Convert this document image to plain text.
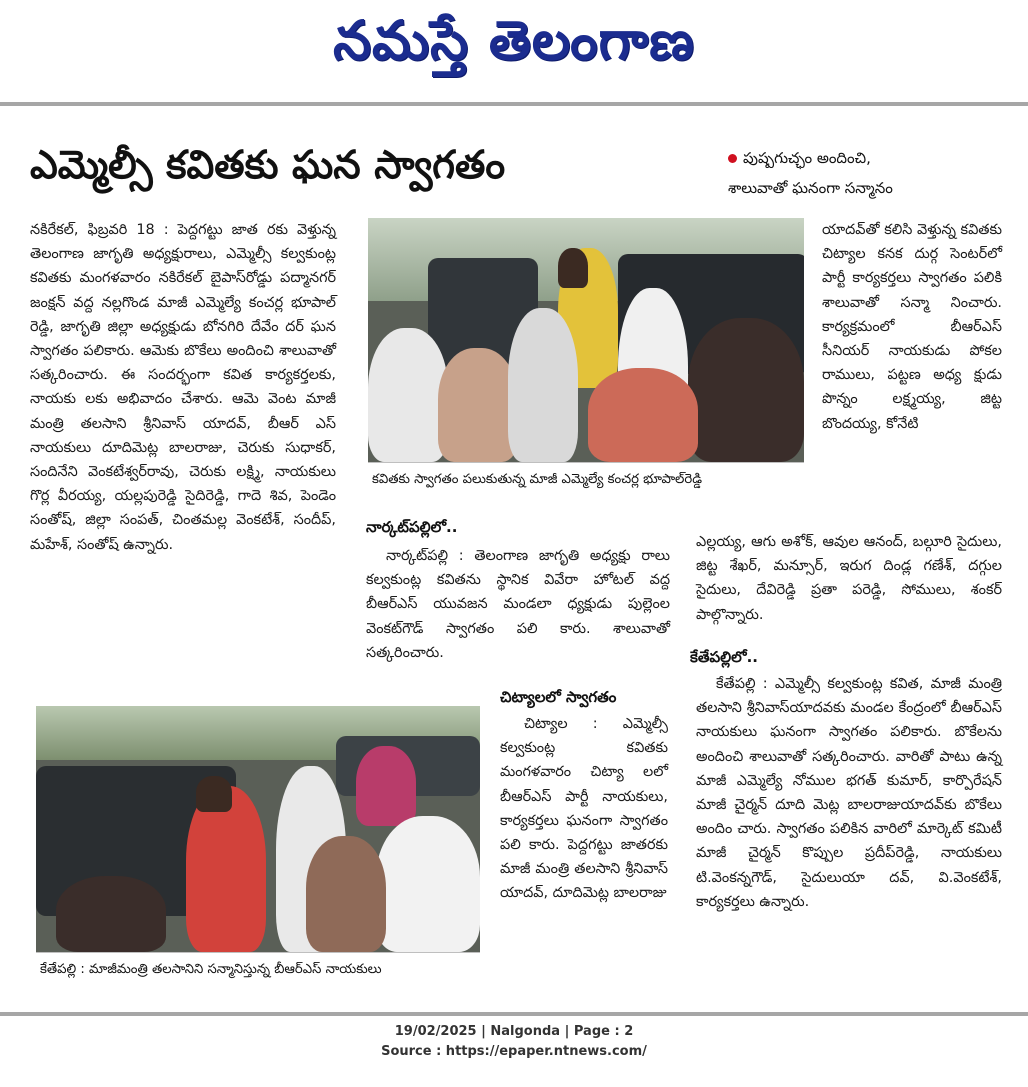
నమస్తే తెలంగాణ
ఎమ్మెల్సీ కవితకు ఘన స్వాగతం	పుష్పగుచ్ఛం అందించి,
శాలువాతో ఘనంగా సన్మానం

నకిరేకల్‌, ఫిబ్రవరి 18 : పెద్దగట్టు జాత రకు వెళ్తున్న తెలంగాణ జాగృతి అధ్యక్షురాలు, ఎమ్మెల్సీ కల్వకుంట్ల కవితకు మంగళవారం నకిరేకల్‌ బైపాస్‌రోడ్డు పద్మానగర్‌ జంక్షన్‌ వద్ద నల్లగొండ మాజీ ఎమ్మెల్యే కంచర్ల భూపాల్‌ రెడ్డి, జాగృతి జిల్లా అధ్యక్షుడు బోనగిరి దేవేం దర్‌ ఘన స్వాగతం పలికారు. ఆమెకు బొకేలు అందించి శాలువాతో సత్కరించారు. ఈ సందర్భంగా కవిత కార్యకర్తలకు, నాయకు లకు అభివాదం చేశారు. ఆమె వెంట మాజీ మంత్రి తలసాని శ్రీనివాస్‌ యాదవ్‌, బీఆర్‌ ఎస్‌ నాయకులు దూదిమెట్ల బాలరాజు, చెరుకు సుధాకర్‌, సందినేని వెంకటేశ్వర్‌రావు, చెరుకు లక్ష్మి, నాయకులు గొర్ల వీరయ్య, యల్లపురెడ్డి సైదిరెడ్డి, గాదె శివ, పెండెం సంతోష్‌, జిల్లా సంపత్‌, చింతమల్ల వెంకటేశ్‌, సందీప్‌, మహేశ్‌, సంతోష్‌ ఉన్నారు.

కవితకు స్వాగతం పలుకుతున్న మాజీ ఎమ్మెల్యే కంచర్ల భూపాల్‌రెడ్డి

యాదవ్‌తో కలిసి వెళ్తున్న కవితకు చిట్యాల కనక దుర్గ సెంటర్‌లో పార్టీ కార్యకర్తలు స్వాగతం పలికి శాలువాతో సన్మా నించారు. కార్యక్రమంలో బీఆర్‌ఎస్‌ సీనియర్‌ నాయకుడు పోకల రాములు, పట్టణ అధ్య క్షుడు పొన్నం లక్ష్మయ్య, జిట్ట బొందయ్య, కోనేటి

నార్కట్‌పల్లిలో..

నార్కట్‌పల్లి : తెలంగాణ జాగృతి అధ్యక్షు రాలు కల్వకుంట్ల కవితను స్థానిక వివేరా హోటల్‌ వద్ద బీఆర్‌ఎస్‌ యువజన మండలా ధ్యక్షుడు పుల్లెంల వెంకట్‌గౌడ్‌ స్వాగతం పలి కారు. శాలువాతో సత్కరించారు.

ఎల్లయ్య, ఆగు అశోక్‌, ఆవుల ఆనంద్‌, బల్గూరి సైదులు, జిట్ట శేఖర్‌, మన్సూర్‌, ఇరుగ దిండ్ల గణేశ్‌, దగ్గుల సైదులు, దేవిరెడ్డి ప్రతా పరెడ్డి, సోములు, శంకర్‌ పాల్గొన్నారు.

కేతేపల్లిలో..

కేతేపల్లి : ఎమ్మెల్సీ కల్వకుంట్ల కవిత, మాజీ మంత్రి తలసాని శ్రీనివాస్‌యాదవకు మండల కేంద్రంలో బీఆర్‌ఎస్‌ నాయకులు ఘనంగా స్వాగతం పలికారు. బొకేలను అందించి శాలువాతో సత్కరించారు. వారితో పాటు ఉన్న మాజీ ఎమ్మెల్యే నోముల భగత్‌ కుమార్‌, కార్పొరేషన్‌ మాజీ చైర్మన్‌ దూది మెట్ల బాలరాజుయాదవ్‌కు బొకేలు అందిం చారు. స్వాగతం పలికిన వారిలో మార్కెట్‌ కమిటీ మాజీ చైర్మన్‌ కొప్పుల ప్రదీప్‌రెడ్డి, నాయకులు టి.వెంకన్నగౌడ్‌, సైదులుయా దవ్‌, వి.వెంకటేశ్‌, కార్యకర్తలు ఉన్నారు.

చిట్యాలలో స్వాగతం

చిట్యాల : ఎమ్మెల్సీ కల్వకుంట్ల కవితకు మంగళవారం చిట్యా లలో బీఆర్‌ఎస్‌ పార్టీ నాయకులు, కార్యకర్తలు ఘనంగా స్వాగతం పలి కారు. పెద్దగట్టు జాతరకు మాజీ మంత్రి తలసాని శ్రీనివాస్‌ యాదవ్‌, దూదిమెట్ల బాలరాజు

కేతేపల్లి : మాజీమంత్రి తలసానిని సన్మానిస్తున్న బీఆర్‌ఎస్‌ నాయకులు
19/02/2025 | Nalgonda | Page : 2
Source : https://epaper.ntnews.com/
